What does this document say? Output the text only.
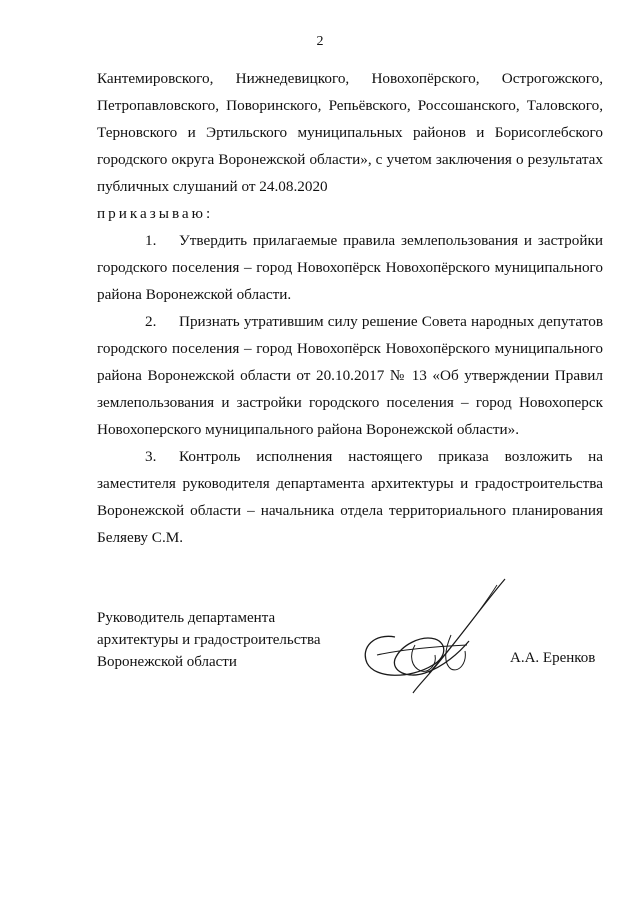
2

Кантемировского, Нижнедевицкого, Новохопёрского, Острогожского, Петропавловского, Поворинского, Репьёвского, Россошанского, Таловского, Терновского и Эртильского муниципальных районов и Борисоглебского городского округа Воронежской области», с учетом заключения о результатах публичных слушаний от 24.08.2020

приказываю:

1. Утвердить прилагаемые правила землепользования и застройки городского поселения – город Новохопёрск Новохопёрского муниципального района Воронежской области.

2. Признать утратившим силу решение Совета народных депутатов городского поселения – город Новохопёрск Новохопёрского муниципального района Воронежской области от 20.10.2017 № 13 «Об утверждении Правил землепользования и застройки городского поселения – город Новохоперск Новохоперского муниципального района Воронежской области».

3. Контроль исполнения настоящего приказа возложить на заместителя руководителя департамента архитектуры и градостроительства Воронежской области – начальника отдела территориального планирования Беляеву С.М.

Руководитель департамента
архитектуры и градостроительства
Воронежской области	А.А. Еренков
